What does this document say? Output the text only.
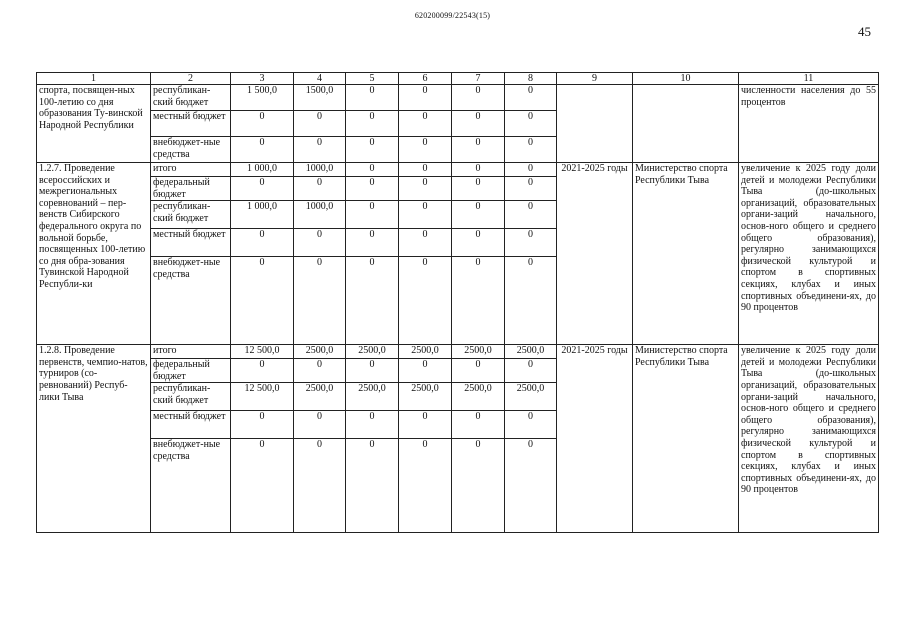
620200099/22543(15)
45
1	2	3	4	5	6	7	8	9	10	11
спорта, посвящен-ных 100-летию со дня образования Ту-винской Народной Республики	республикан-ский бюджет	1 500,0	1500,0	0	0	0	0			численности населения до 55 процентов
	местный бюджет	0	0	0	0	0	0			
	внебюджет-ные средства	0	0	0	0	0	0			
1.2.7. Проведение всероссийских и межрегиональных соревнований – пер-венств Сибирского федерального округа по вольной борьбе, посвященных 100-летию со дня обра-зования Тувинской Народной Республи-ки	итого	1 000,0	1000,0	0	0	0	0	2021-2025 годы	Министерство спорта Республики Тыва	увеличение к 2025 году доли детей и молодежи Республики Тыва (до-школьных организаций, образовательных органи-заций начального, основ-ного общего и среднего общего образования), регулярно занимающихся физической культурой и спортом в спортивных секциях, клубах и иных спортивных объединени-ях, до 90 процентов
	федеральный бюджет	0	0	0	0	0	0			
	республикан-ский бюджет	1 000,0	1000,0	0	0	0	0			
	местный бюджет	0	0	0	0	0	0			
	внебюджет-ные средства	0	0	0	0	0	0			
1.2.8. Проведение первенств, чемпио-натов, турниров (со-ревнований) Респуб-лики Тыва	итого	12 500,0	2500,0	2500,0	2500,0	2500,0	2500,0	2021-2025 годы	Министерство спорта Республики Тыва	увеличение к 2025 году доли детей и молодежи Республики Тыва (до-школьных организаций, образовательных органи-заций начального, основ-ного общего и среднего общего образования), регулярно занимающихся физической культурой и спортом в спортивных секциях, клубах и иных спортивных объединени-ях, до 90 процентов
	федеральный бюджет	0	0	0	0	0	0			
	республикан-ский бюджет	12 500,0	2500,0	2500,0	2500,0	2500,0	2500,0			
	местный бюджет	0	0	0	0	0	0			
	внебюджет-ные средства	0	0	0	0	0	0			
